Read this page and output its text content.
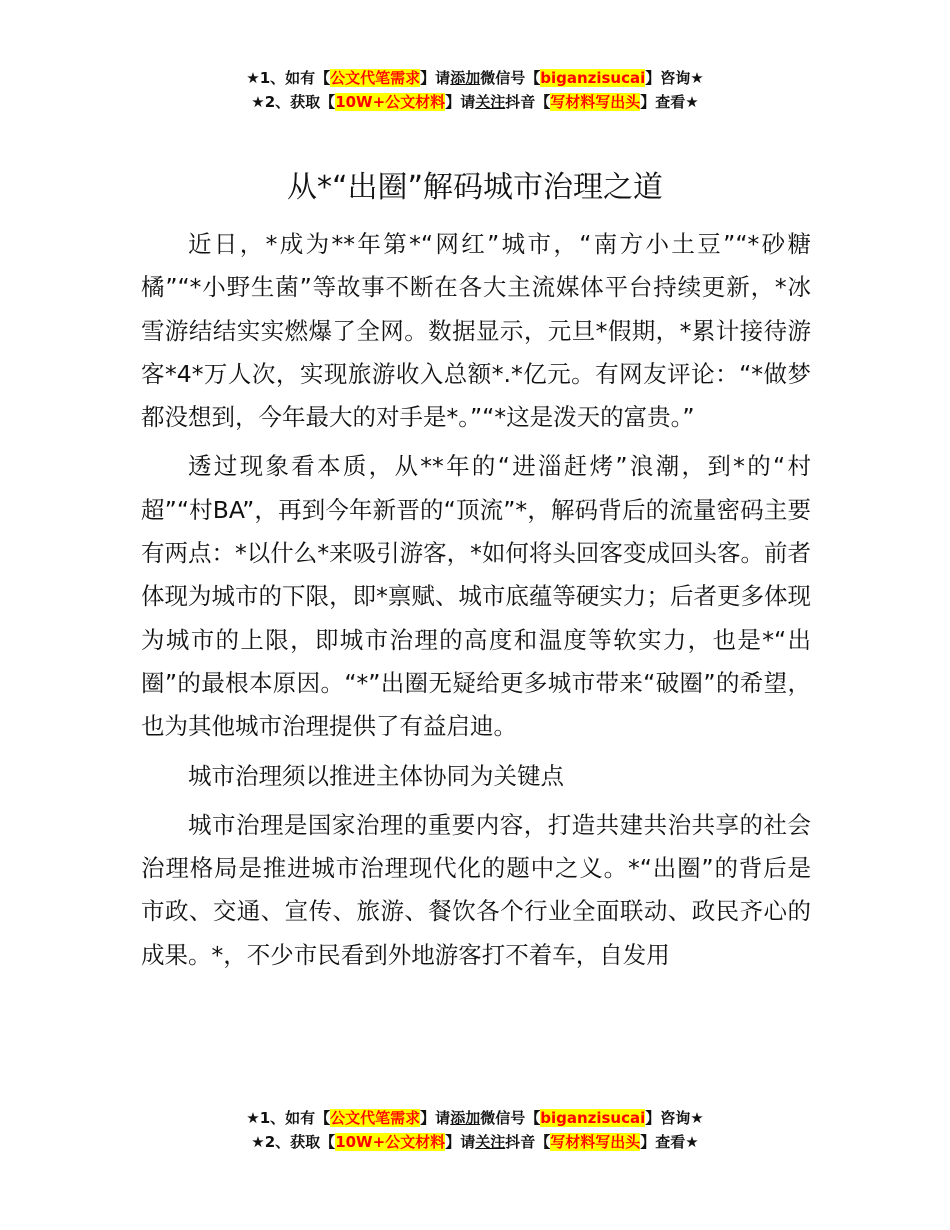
★1、如有【公文代笔需求】请添加微信号【biganzisucai】咨询★
★2、获取【10W+公文材料】请关注抖音【写材料写出头】查看★
从*“出圈”解码城市治理之道

近日，*成为**年第*“网红”城市，“南方小土豆”“*砂糖橘”“*小野生菌”等故事不断在各大主流媒体平台持续更新，*冰雪游结结实实燃爆了全网。数据显示，元旦*假期，*累计接待游客*4*万人次，实现旅游收入总额*.*亿元。有网友评论：“*做梦都没想到，今年最大的对手是*。”“*这是泼天的富贵。”

透过现象看本质，从**年的“进淄赶烤”浪潮，到*的“村超”“村BA”，再到今年新晋的“顶流”*，解码背后的流量密码主要有两点：*以什么*来吸引游客，*如何将头回客变成回头客。前者体现为城市的下限，即*禀赋、城市底蕴等硬实力；后者更多体现为城市的上限，即城市治理的高度和温度等软实力，也是*“出圈”的最根本原因。“*”出圈无疑给更多城市带来“破圈”的希望，也为其他城市治理提供了有益启迪。

城市治理须以推进主体协同为关键点

城市治理是国家治理的重要内容，打造共建共治共享的社会治理格局是推进城市治理现代化的题中之义。*“出圈”的背后是市政、交通、宣传、旅游、餐饮各个行业全面联动、政民齐心的成果。*，不少市民看到外地游客打不着车，自发用

★1、如有【公文代笔需求】请添加微信号【biganzisucai】咨询★
★2、获取【10W+公文材料】请关注抖音【写材料写出头】查看★
